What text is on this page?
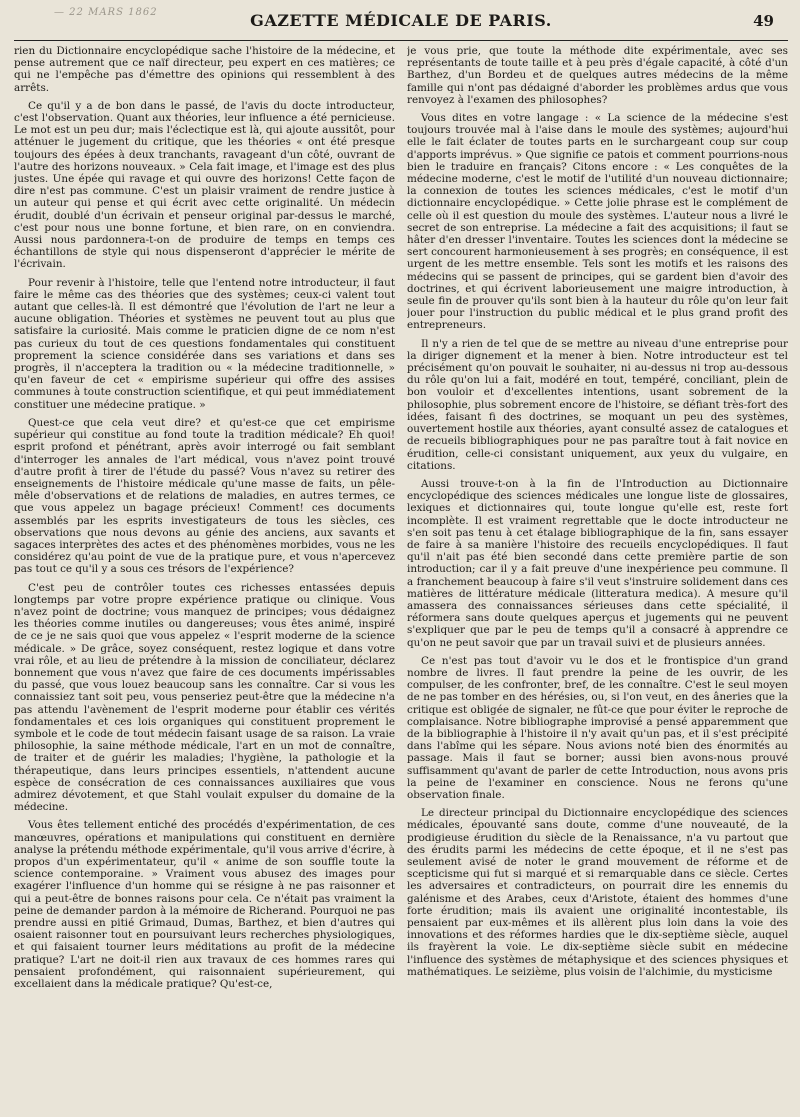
— 22 MARS 1862	GAZETTE MÉDICALE DE PARIS.	49

rien du Dictionnaire encyclopédique sache l'histoire de la médecine, et pense autrement que ce naïf directeur, peu expert en ces matières; ce qui ne l'empêche pas d'émettre des opinions qui ressemblent à des arrêts.

Ce qu'il y a de bon dans le passé, de l'avis du docte introducteur, c'est l'observation. Quant aux théories, leur influence a été pernicieuse. Le mot est un peu dur; mais l'éclectique est là, qui ajoute aussitôt, pour atténuer le jugement du critique, que les théories « ont été presque toujours des épées à deux tranchants, ravageant d'un côté, ouvrant de l'autre des horizons nouveaux. » Cela fait image, et l'image est des plus justes. Une épée qui ravage et qui ouvre des horizons! Cette façon de dire n'est pas commune. C'est un plaisir vraiment de rendre justice à un auteur qui pense et qui écrit avec cette originalité. Un médecin érudit, doublé d'un écrivain et penseur original par-dessus le marché, c'est pour nous une bonne fortune, et bien rare, on en conviendra. Aussi nous pardonnera-t-on de produire de temps en temps ces échantillons de style qui nous dispenseront d'apprécier le mérite de l'écrivain.

Pour revenir à l'histoire, telle que l'entend notre introducteur, il faut faire le même cas des théories que des systèmes; ceux-ci valent tout autant que celles-là. Il est démontré que l'évolution de l'art ne leur a aucune obligation. Théories et systèmes ne peuvent tout au plus que satisfaire la curiosité. Mais comme le praticien digne de ce nom n'est pas curieux du tout de ces questions fondamentales qui constituent proprement la science considérée dans ses variations et dans ses progrès, il n'acceptera la tradition ou « la médecine traditionnelle, » qu'en faveur de cet « empirisme supérieur qui offre des assises communes à toute construction scientifique, et qui peut immédiatement constituer une médecine pratique. »

Quest-ce que cela veut dire? et qu'est-ce que cet empirisme supérieur qui constitue au fond toute la tradition médicale? Eh quoi! esprit profond et pénétrant, après avoir interrogé ou fait semblant d'interroger les annales de l'art médical, vous n'avez point trouvé d'autre profit à tirer de l'étude du passé? Vous n'avez su retirer des enseignements de l'histoire médicale qu'une masse de faits, un pêle-mêle d'observations et de relations de maladies, en autres termes, ce que vous appelez un bagage précieux! Comment! ces documents assemblés par les esprits investigateurs de tous les siècles, ces observations que nous devons au génie des anciens, aux savants et sagaces interprètes des actes et des phénomènes morbides, vous ne les considérez qu'au point de vue de la pratique pure, et vous n'apercevez pas tout ce qu'il y a sous ces trésors de l'expérience?

C'est peu de contrôler toutes ces richesses entassées depuis longtemps par votre propre expérience pratique ou clinique. Vous n'avez point de doctrine; vous manquez de principes; vous dédaignez les théories comme inutiles ou dangereuses; vous êtes animé, inspiré de ce je ne sais quoi que vous appelez « l'esprit moderne de la science médicale. » De grâce, soyez conséquent, restez logique et dans votre vrai rôle, et au lieu de prétendre à la mission de conciliateur, déclarez bonnement que vous n'avez que faire de ces documents impérissables du passé, que vous louez beaucoup sans les connaître. Car si vous les connaissiez tant soit peu, vous penseriez peut-être que la médecine n'a pas attendu l'avènement de l'esprit moderne pour établir ces vérités fondamentales et ces lois organiques qui constituent proprement le symbole et le code de tout médecin faisant usage de sa raison. La vraie philosophie, la saine méthode médicale, l'art en un mot de connaître, de traiter et de guérir les maladies; l'hygiène, la pathologie et la thérapeutique, dans leurs principes essentiels, n'attendent aucune espèce de consécration de ces connaissances auxiliaires que vous admirez dévotement, et que Stahl voulait expulser du domaine de la médecine.

Vous êtes tellement entiché des procédés d'expérimentation, de ces manœuvres, opérations et manipulations qui constituent en dernière analyse la prétendu méthode expérimentale, qu'il vous arrive d'écrire, à propos d'un expérimentateur, qu'il « anime de son souffle toute la science contemporaine. » Vraiment vous abusez des images pour exagérer l'influence d'un homme qui se résigne à ne pas raisonner et qui a peut-être de bonnes raisons pour cela. Ce n'était pas vraiment la peine de demander pardon à la mémoire de Richerand. Pourquoi ne pas prendre aussi en pitié Grimaud, Dumas, Barthez, et bien d'autres qui osaient raisonner tout en poursuivant leurs recherches physiologiques, et qui faisaient tourner leurs méditations au profit de la médecine pratique? L'art ne doit-il rien aux travaux de ces hommes rares qui pensaient profondément, qui raisonnaient supérieurement, qui excellaient dans la médicale pratique? Qu'est-ce,

je vous prie, que toute la méthode dite expérimentale, avec ses représentants de toute taille et à peu près d'égale capacité, à côté d'un Barthez, d'un Bordeu et de quelques autres médecins de la même famille qui n'ont pas dédaigné d'aborder les problèmes ardus que vous renvoyez à l'examen des philosophes?

Vous dites en votre langage : « La science de la médecine s'est toujours trouvée mal à l'aise dans le moule des systèmes; aujourd'hui elle le fait éclater de toutes parts en le surchargeant coup sur coup d'apports imprévus. » Que signifie ce patois et comment pourrions-nous bien le traduire en français? Citons encore : « Les conquêtes de la médecine moderne, c'est le motif de l'utilité d'un nouveau dictionnaire; la connexion de toutes les sciences médicales, c'est le motif d'un dictionnaire encyclopédique. » Cette jolie phrase est le complément de celle où il est question du moule des systèmes. L'auteur nous a livré le secret de son entreprise. La médecine a fait des acquisitions; il faut se hâter d'en dresser l'inventaire. Toutes les sciences dont la médecine se sert concourent harmonieusement à ses progrès; en conséquence, il est urgent de les mettre ensemble. Tels sont les motifs et les raisons des médecins qui se passent de principes, qui se gardent bien d'avoir des doctrines, et qui écrivent laborieusement une maigre introduction, à seule fin de prouver qu'ils sont bien à la hauteur du rôle qu'on leur fait jouer pour l'instruction du public médical et le plus grand profit des entrepreneurs.

Il n'y a rien de tel que de se mettre au niveau d'une entreprise pour la diriger dignement et la mener à bien. Notre introducteur est tel précisément qu'on pouvait le souhaiter, ni au-dessus ni trop au-dessous du rôle qu'on lui a fait, modéré en tout, tempéré, conciliant, plein de bon vouloir et d'excellentes intentions, usant sobrement de la philosophie, plus sobrement encore de l'histoire, se défiant très-fort des idées, faisant fi des doctrines, se moquant un peu des systèmes, ouvertement hostile aux théories, ayant consulté assez de catalogues et de recueils bibliographiques pour ne pas paraître tout à fait novice en érudition, celle-ci consistant uniquement, aux yeux du vulgaire, en citations.

Aussi trouve-t-on à la fin de l'Introduction au Dictionnaire encyclopédique des sciences médicales une longue liste de glossaires, lexiques et dictionnaires qui, toute longue qu'elle est, reste fort incomplète. Il est vraiment regrettable que le docte introducteur ne s'en soit pas tenu à cet étalage bibliographique de la fin, sans essayer de faire à sa manière l'histoire des recueils encyclopédiques. Il faut qu'il n'ait pas été bien secondé dans cette première partie de son introduction; car il y a fait preuve d'une inexpérience peu commune. Il a franchement beaucoup à faire s'il veut s'instruire solidement dans ces matières de littérature médicale (litteratura medica). A mesure qu'il amassera des connaissances sérieuses dans cette spécialité, il réformera sans doute quelques aperçus et jugements qui ne peuvent s'expliquer que par le peu de temps qu'il a consacré à apprendre ce qu'on ne peut savoir que par un travail suivi et de plusieurs années.

Ce n'est pas tout d'avoir vu le dos et le frontispice d'un grand nombre de livres. Il faut prendre la peine de les ouvrir, de les compulser, de les confronter, bref, de les connaître. C'est le seul moyen de ne pas tomber en des hérésies, ou, si l'on veut, en des âneries que la critique est obligée de signaler, ne fût-ce que pour éviter le reproche de complaisance. Notre bibliographe improvisé a pensé apparemment que de la bibliographie à l'histoire il n'y avait qu'un pas, et il s'est précipité dans l'abîme qui les sépare. Nous avions noté bien des énormités au passage. Mais il faut se borner; aussi bien avons-nous prouvé suffisamment qu'avant de parler de cette Introduction, nous avons pris la peine de l'examiner en conscience. Nous ne ferons qu'une observation finale.

Le directeur principal du Dictionnaire encyclopédique des sciences médicales, épouvanté sans doute, comme d'une nouveauté, de la prodigieuse érudition du siècle de la Renaissance, n'a vu partout que des érudits parmi les médecins de cette époque, et il ne s'est pas seulement avisé de noter le grand mouvement de réforme et de scepticisme qui fut si marqué et si remarquable dans ce siècle. Certes les adversaires et contradicteurs, on pourrait dire les ennemis du galénisme et des Arabes, ceux d'Aristote, étaient des hommes d'une forte érudition; mais ils avaient une originalité incontestable, ils pensaient par eux-mêmes et ils allèrent plus loin dans la voie des innovations et des réformes hardies que le dix-septième siècle, auquel ils frayèrent la voie. Le dix-septième siècle subit en médecine l'influence des systèmes de métaphysique et des sciences physiques et mathématiques. Le seizième, plus voisin de l'alchimie, du mysticisme
